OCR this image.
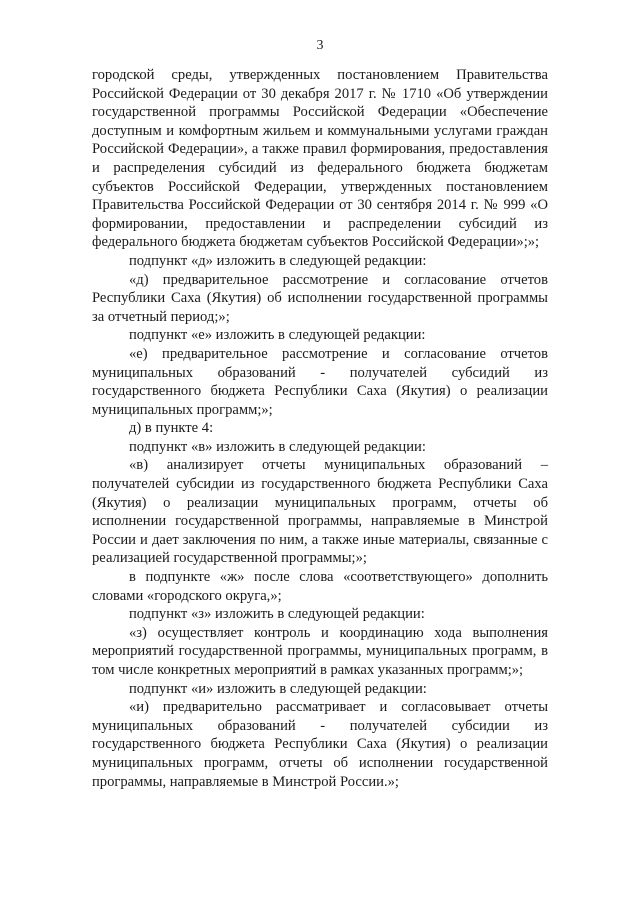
3

городской среды, утвержденных постановлением Правительства Российской Федерации от 30 декабря 2017 г. № 1710 «Об утверждении государственной программы Российской Федерации «Обеспечение доступным и комфортным жильем и коммунальными услугами граждан Российской Федерации», а также правил формирования, предоставления и распределения субсидий из федерального бюджета бюджетам субъектов Российской Федерации, утвержденных постановлением Правительства Российской Федерации от 30 сентября 2014 г. № 999 «О формировании, предоставлении и распределении субсидий из федерального бюджета бюджетам субъектов Российской Федерации»;»;

подпункт «д» изложить в следующей редакции:

«д) предварительное рассмотрение и согласование отчетов Республики Саха (Якутия) об исполнении государственной программы за отчетный период;»;

подпункт «е» изложить в следующей редакции:

«е) предварительное рассмотрение и согласование отчетов муниципальных образований - получателей субсидий из государственного бюджета Республики Саха (Якутия) о реализации муниципальных программ;»;

д) в пункте 4:

подпункт «в» изложить в следующей редакции:

«в) анализирует отчеты муниципальных образований – получателей субсидии из государственного бюджета Республики Саха (Якутия) о реализации муниципальных программ, отчеты об исполнении государственной программы, направляемые в Минстрой России и дает заключения по ним, а также иные материалы, связанные с реализацией государственной программы;»;

в подпункте «ж» после слова «соответствующего» дополнить словами «городского округа,»;

подпункт «з» изложить в следующей редакции:

«з) осуществляет контроль и координацию хода выполнения мероприятий государственной программы, муниципальных программ, в том числе конкретных мероприятий в рамках указанных программ;»;

подпункт «и» изложить в следующей редакции:

«и) предварительно рассматривает и согласовывает отчеты муниципальных образований - получателей субсидии из государственного бюджета Республики Саха (Якутия) о реализации муниципальных программ, отчеты об исполнении государственной программы, направляемые в Минстрой России.»;
